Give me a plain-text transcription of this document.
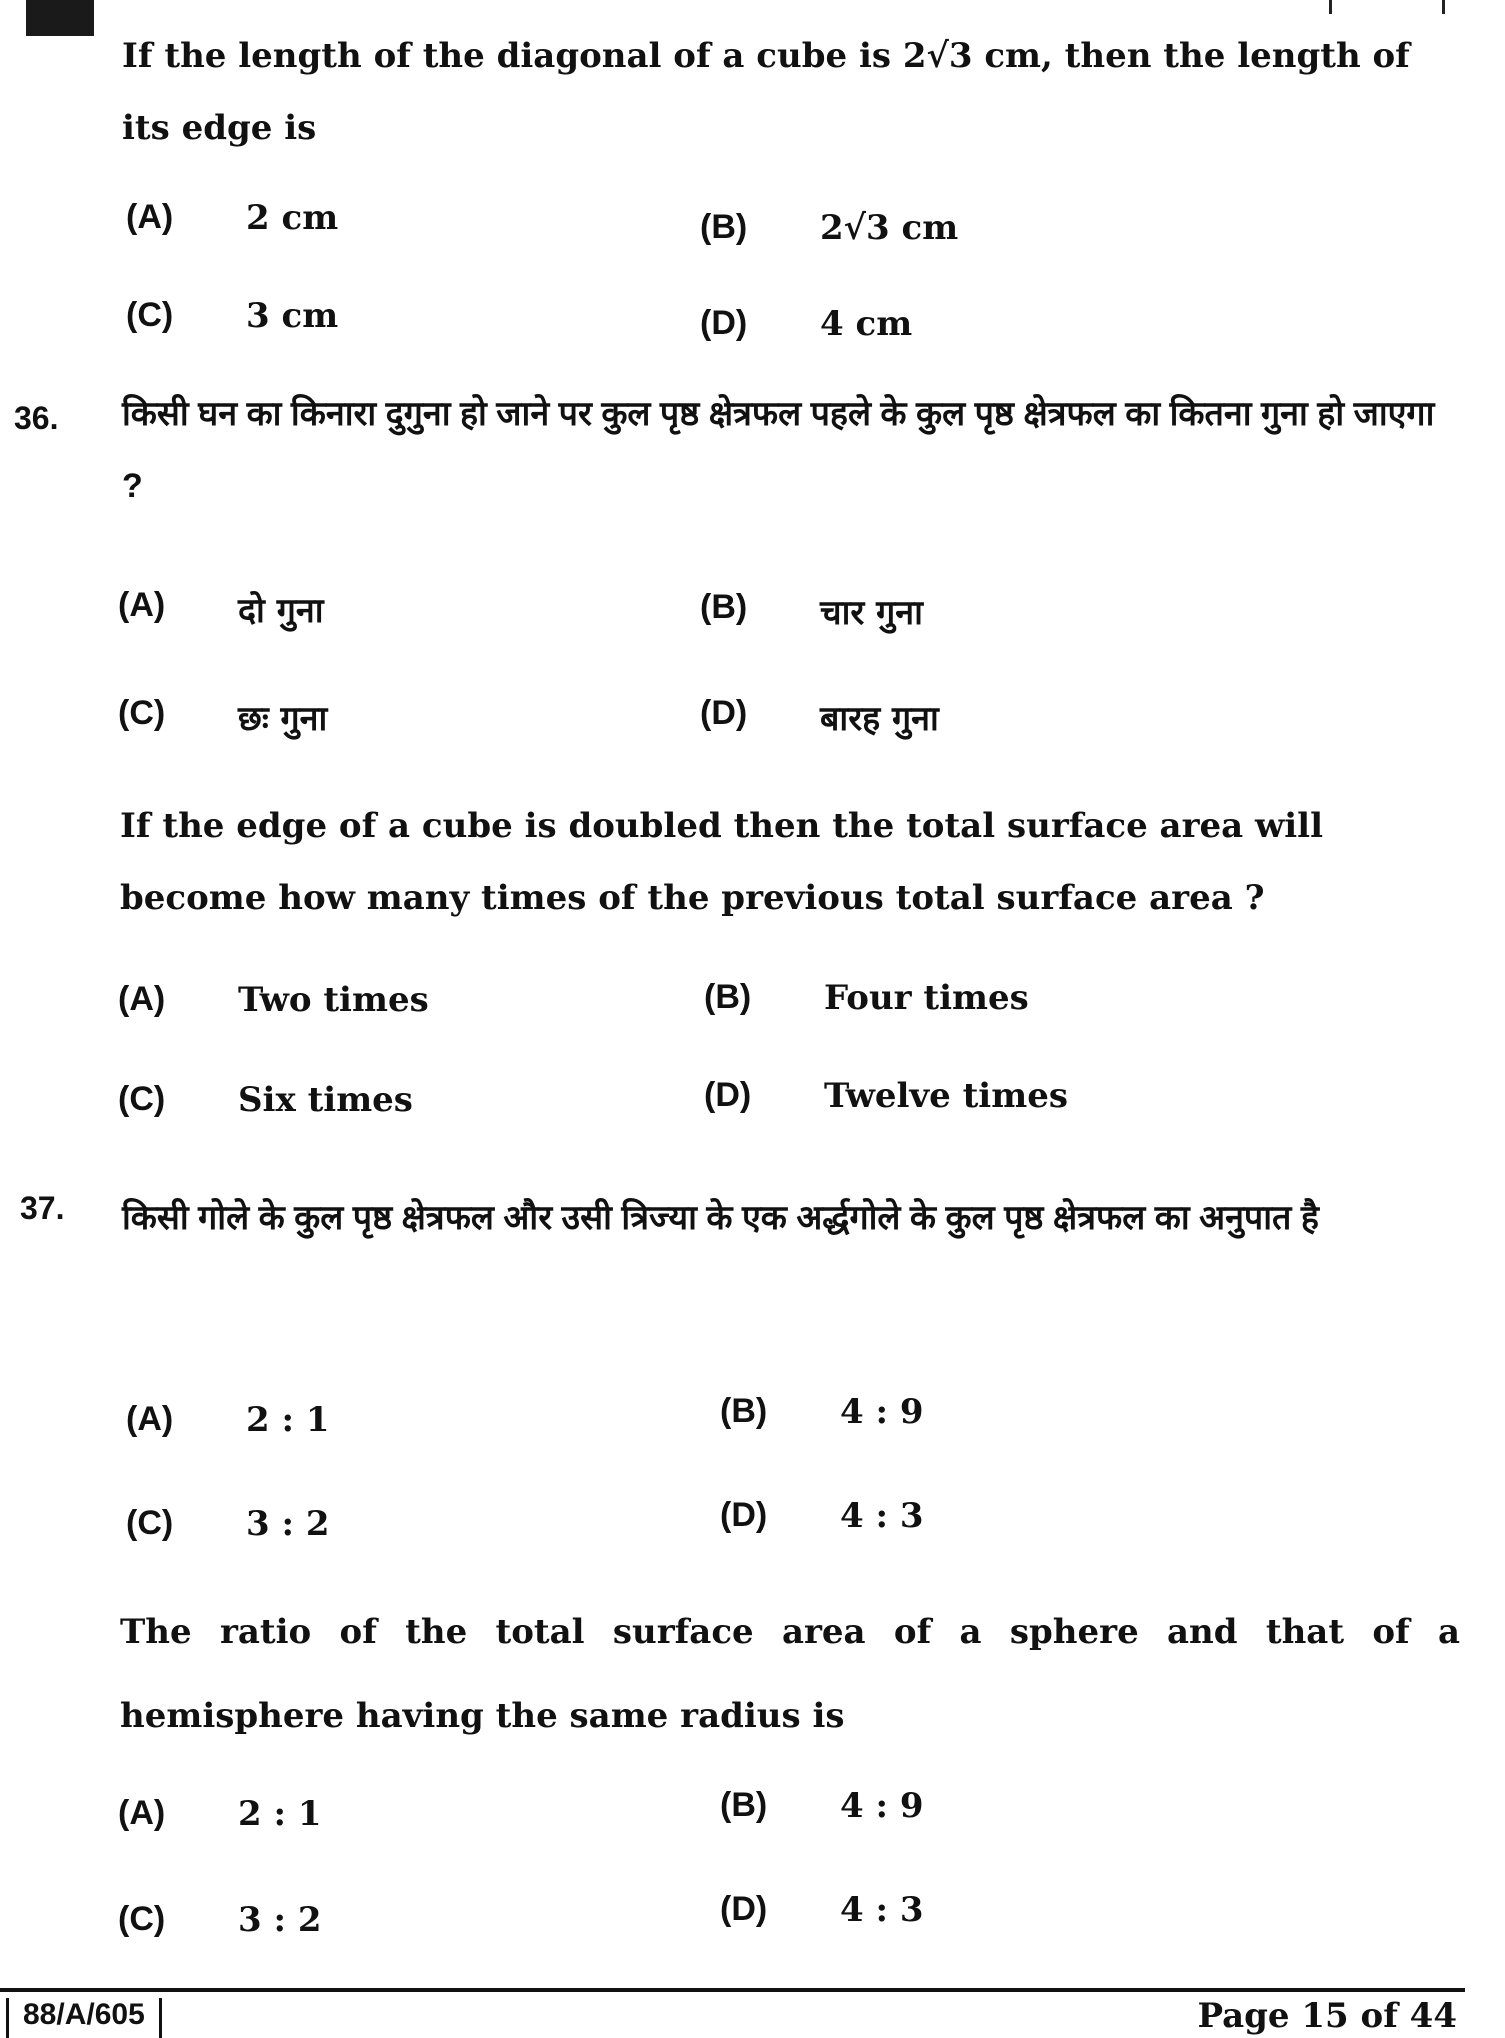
If the length of the diagonal of a cube is 2√3 cm, then the length of its edge is
(A)	2 cm	(B)	2√3 cm
(C)	3 cm	(D)	4 cm
36. किसी घन का किनारा दुगुना हो जाने पर कुल पृष्ठ क्षेत्रफल पहले के कुल पृष्ठ क्षेत्रफल का कितना गुना हो जाएगा ?
(A)	दो गुना	(B)	चार गुना
(C)	छः गुना	(D)	बारह गुना
If the edge of a cube is doubled then the total surface area will become how many times of the previous total surface area ?
(A)	Two times	(B)	Four times
(C)	Six times	(D)	Twelve times
37. किसी गोले के कुल पृष्ठ क्षेत्रफल और उसी त्रिज्या के एक अर्द्धगोले के कुल पृष्ठ क्षेत्रफल का अनुपात है
(A)	2 : 1	(B)	4 : 9
(C)	3 : 2	(D)	4 : 3
The ratio of the total surface area of a sphere and that of a hemisphere having the same radius is
(A)	2 : 1	(B)	4 : 9
(C)	3 : 2	(D)	4 : 3
88/A/605	Page 15 of 44
